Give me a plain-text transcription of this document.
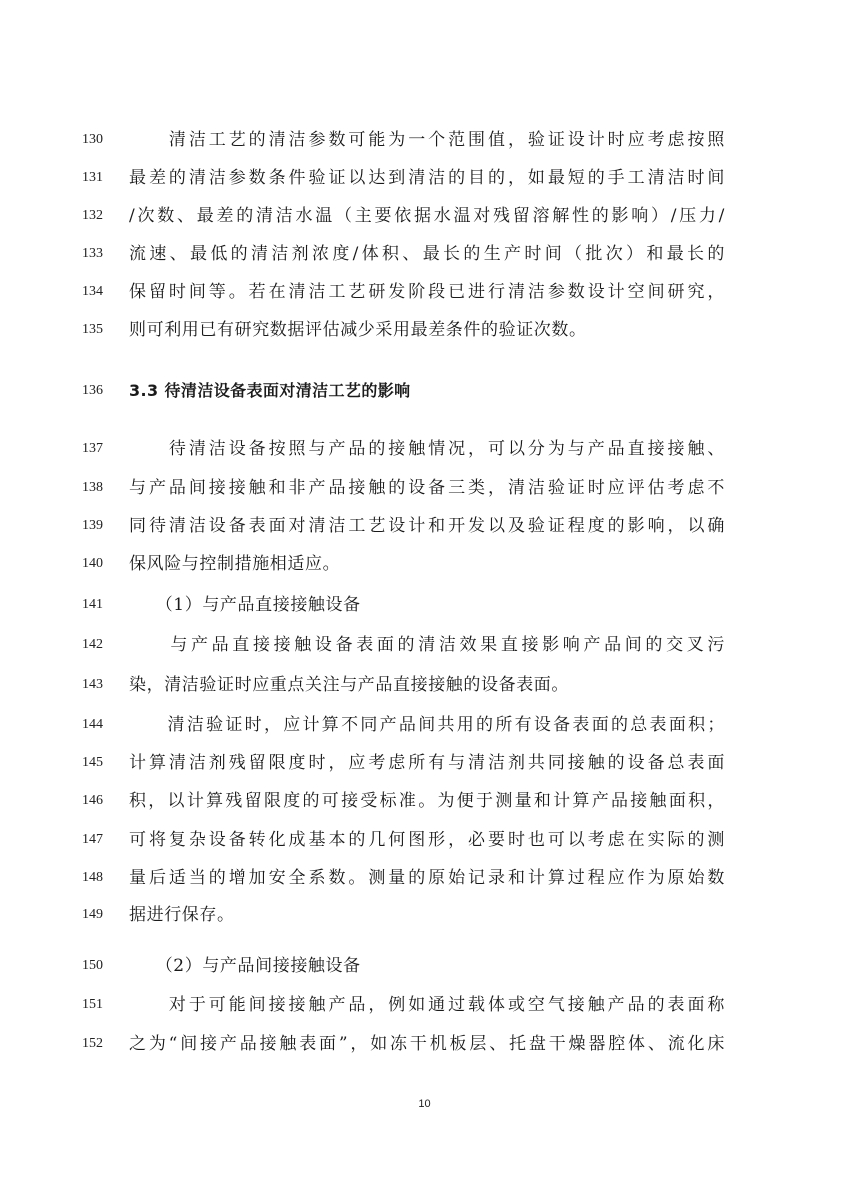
130	　　清洁工艺的清洁参数可能为一个范围值，验证设计时应考虑按照
131	最差的清洁参数条件验证以达到清洁的目的，如最短的手工清洁时间
132	/次数、最差的清洁水温（主要依据水温对残留溶解性的影响）/压力/
133	流速、最低的清洁剂浓度/体积、最长的生产时间（批次）和最长的
134	保留时间等。若在清洁工艺研发阶段已进行清洁参数设计空间研究，
135	则可利用已有研究数据评估减少采用最差条件的验证次数。
136	3.3 待清洁设备表面对清洁工艺的影响
137	　　待清洁设备按照与产品的接触情况，可以分为与产品直接接触、
138	与产品间接接触和非产品接触的设备三类，清洁验证时应评估考虑不
139	同待清洁设备表面对清洁工艺设计和开发以及验证程度的影响，以确
140	保风险与控制措施相适应。
141	　　（1）与产品直接接触设备
142	　　与产品直接接触设备表面的清洁效果直接影响产品间的交叉污
143	染，清洁验证时应重点关注与产品直接接触的设备表面。
144	　　清洁验证时，应计算不同产品间共用的所有设备表面的总表面积；
145	计算清洁剂残留限度时，应考虑所有与清洁剂共同接触的设备总表面
146	积，以计算残留限度的可接受标准。为便于测量和计算产品接触面积，
147	可将复杂设备转化成基本的几何图形，必要时也可以考虑在实际的测
148	量后适当的增加安全系数。测量的原始记录和计算过程应作为原始数
149	据进行保存。
150	　　（2）与产品间接接触设备
151	　　对于可能间接接触产品，例如通过载体或空气接触产品的表面称
152	之为“间接产品接触表面”，如冻干机板层、托盘干燥器腔体、流化床
10
